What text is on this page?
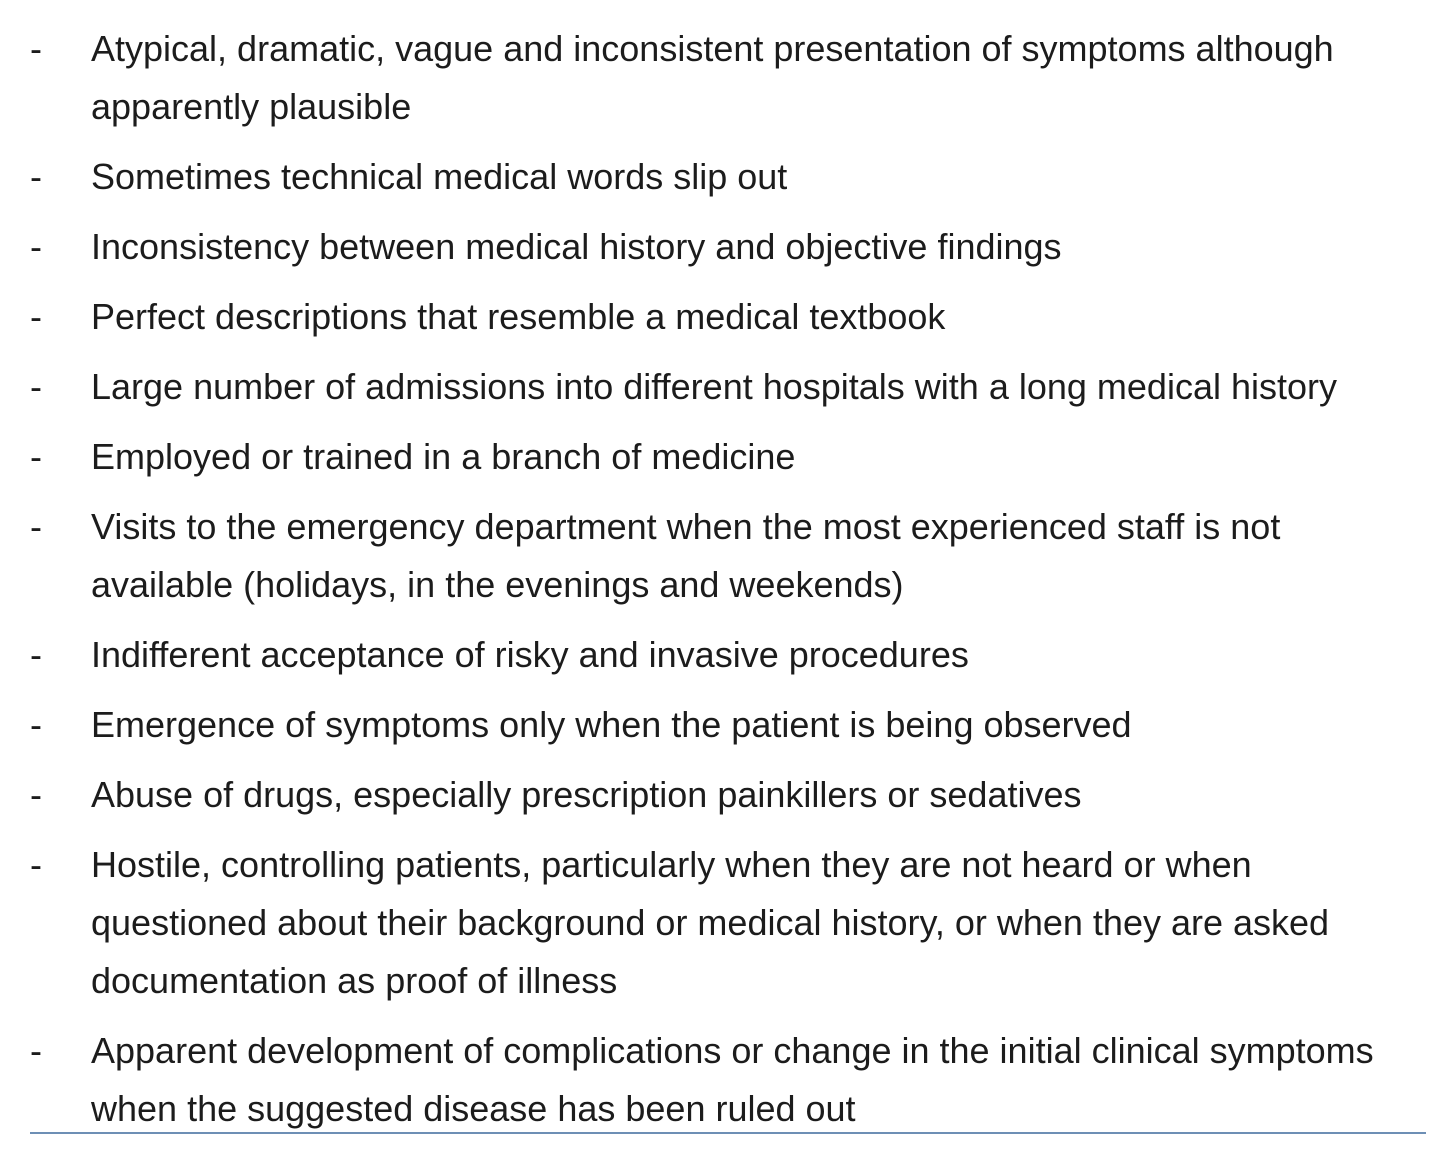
- Atypical, dramatic, vague and inconsistent presentation of symptoms although apparently plausible
- Sometimes technical medical words slip out
- Inconsistency between medical history and objective findings
- Perfect descriptions that resemble a medical textbook
- Large number of admissions into different hospitals with a long medical history
- Employed or trained in a branch of medicine
- Visits to the emergency department when the most experienced staff is not available (holidays, in the evenings and weekends)
- Indifferent acceptance of risky and invasive procedures
- Emergence of symptoms only when the patient is being observed
- Abuse of drugs, especially prescription painkillers or sedatives
- Hostile, controlling patients, particularly when they are not heard or when questioned about their background or medical history, or when they are asked documentation as proof of illness
- Apparent development of complications or change in the initial clinical symptoms when the suggested disease has been ruled out
